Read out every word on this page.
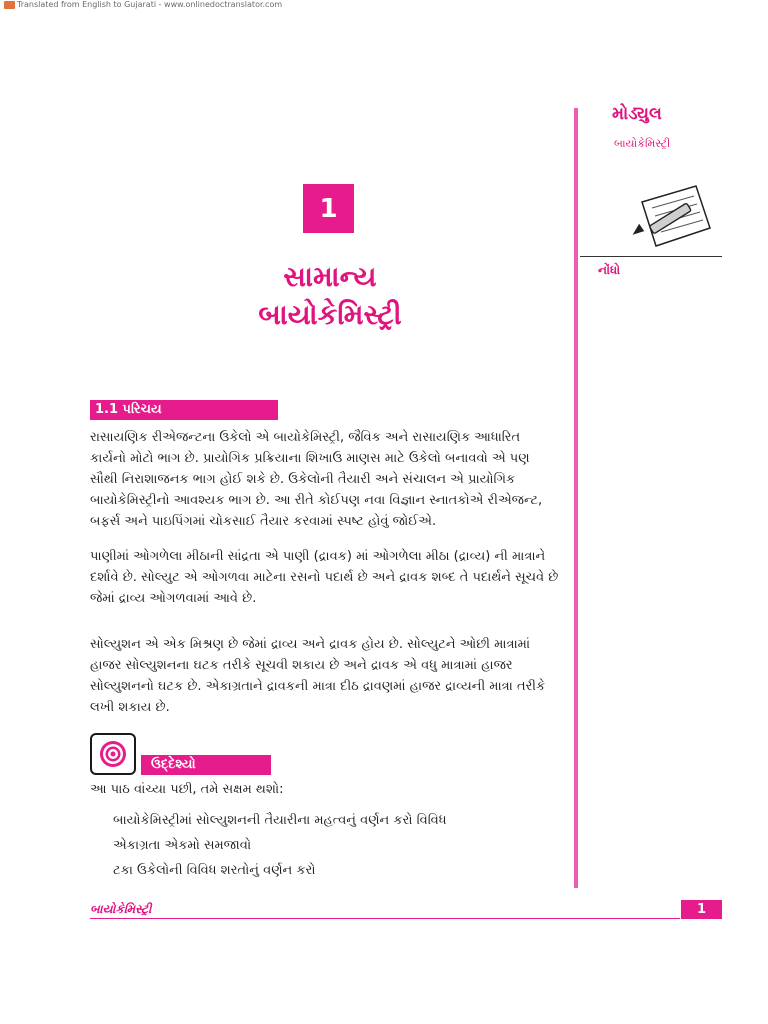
Translated from English to Gujarati - www.onlinedoctranslator.com
મોડ્યુલ
બાયોકેમિસ્ટ્રી
નોંધો
1
સામાન્ય
બાયોકેમિસ્ટ્રી
1.1 પરિચય
રાસાયણિક રીએજન્ટના ઉકેલો એ બાયોકેમિસ્ટ્રી, જૈવિક અને રાસાયણિક આધારિત કાર્યનો મોટો ભાગ છે. પ્રાયોગિક પ્રક્રિયાના શિખાઉ માણસ માટે ઉકેલો બનાવવો એ પણ સૌથી નિરાશાજનક ભાગ હોઈ શકે છે. ઉકેલોની તૈયારી અને સંચાલન એ પ્રાયોગિક બાયોકેમિસ્ટ્રીનો આવશ્યક ભાગ છે. આ રીતે કોઈપણ નવા વિજ્ઞાન સ્નાતકોએ રીએજન્ટ, બફર્સ અને પાઇપિંગમાં ચોકસાઈ તૈયાર કરવામાં સ્પષ્ટ હોવું જોઈએ.
પાણીમાં ઓગળેલા મીઠાની સાંદ્રતા એ પાણી (દ્રાવક) માં ઓગળેલા મીઠા (દ્રાવ્ય) ની માત્રાને દર્શાવે છે. સોલ્યુટ એ ઓગળવા માટેના રસનો પદાર્થ છે અને દ્રાવક શબ્દ તે પદાર્થને સૂચવે છે જેમાં દ્રાવ્ય ઓગળવામાં આવે છે.
સોલ્યુશન એ એક મિશ્રણ છે જેમાં દ્રાવ્ય અને દ્રાવક હોય છે. સોલ્યુટને ઓછી માત્રામાં હાજર સોલ્યુશનના ઘટક તરીકે સૂચવી શકાય છે અને દ્રાવક એ વધુ માત્રામાં હાજર સોલ્યુશનનો ઘટક છે. એકાગ્રતાને દ્રાવકની માત્રા દીઠ દ્રાવણમાં હાજર દ્રાવ્યની માત્રા તરીકે લખી શકાય છે.
ઉદ્દેશ્યો
આ પાઠ વાંચ્યા પછી, તમે સક્ષમ થશો:
બાયોકેમિસ્ટ્રીમાં સોલ્યુશનની તૈયારીના મહત્વનું વર્ણન કરો વિવિધ
એકાગ્રતા એકમો સમજાવો
ટકા ઉકેલોની વિવિધ શરતોનું વર્ણન કરો
બાયોકેમિસ્ટ્રી	1
